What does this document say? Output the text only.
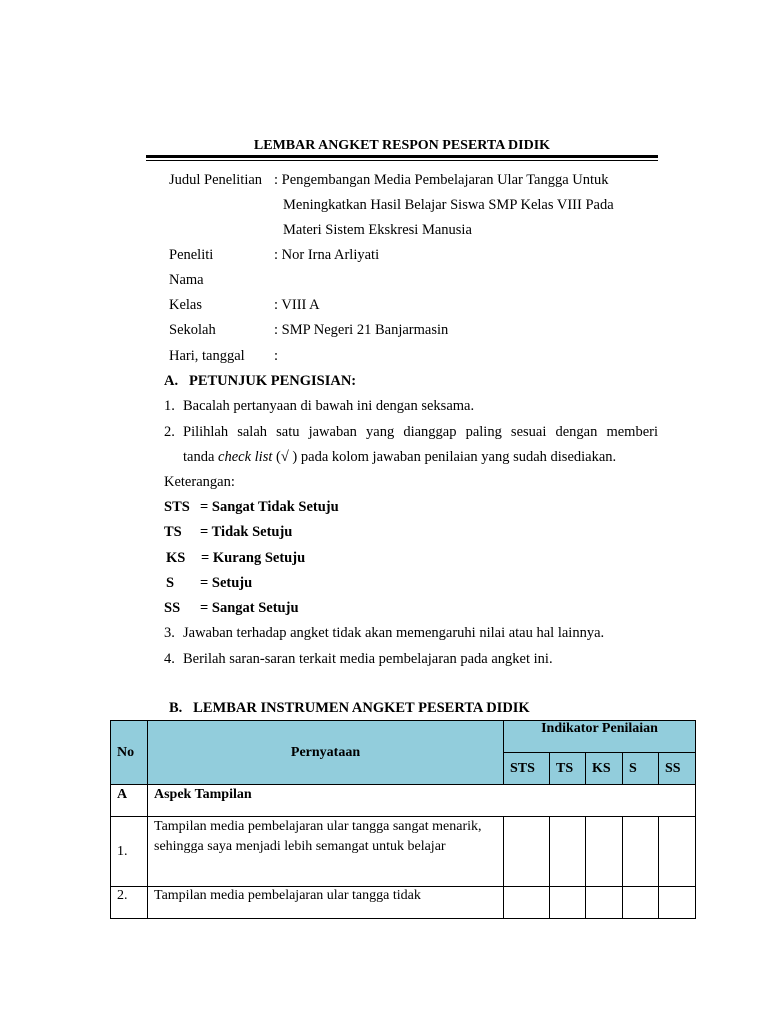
LEMBAR ANGKET RESPON PESERTA DIDIK
Judul Penelitian : Pengembangan Media Pembelajaran Ular Tangga Untuk
Meningkatkan Hasil Belajar Siswa SMP Kelas VIII Pada
Materi Sistem Ekskresi Manusia
Peneliti	: Nor Irna Arliyati
Nama
Kelas	: VIII A
Sekolah	: SMP Negeri 21 Banjarmasin
Hari, tanggal :
A.   PETUNJUK PENGISIAN:
1. Bacalah pertanyaan di bawah ini dengan seksama.
2. Pilihlah salah satu jawaban yang dianggap paling sesuai dengan memberi
tanda check list (√ ) pada kolom jawaban penilaian yang sudah disediakan.
Keterangan:
STS = Sangat Tidak Setuju
TS = Tidak Setuju
KS = Kurang Setuju
S = Setuju
SS = Sangat Setuju
3. Jawaban terhadap angket tidak akan memengaruhi nilai atau hal lainnya.
4. Berilah saran-saran terkait media pembelajaran pada angket ini.
B.   LEMBAR INSTRUMEN ANGKET PESERTA DIDIK
No	Pernyataan	Indikator Penilaian				
		STS	TS	KS	S	SS
A	Aspek Tampilan					
1.	Tampilan media pembelajaran ular tangga sangat menarik, sehingga saya menjadi lebih semangat untuk belajar					
2.	Tampilan media pembelajaran ular tangga tidak					
